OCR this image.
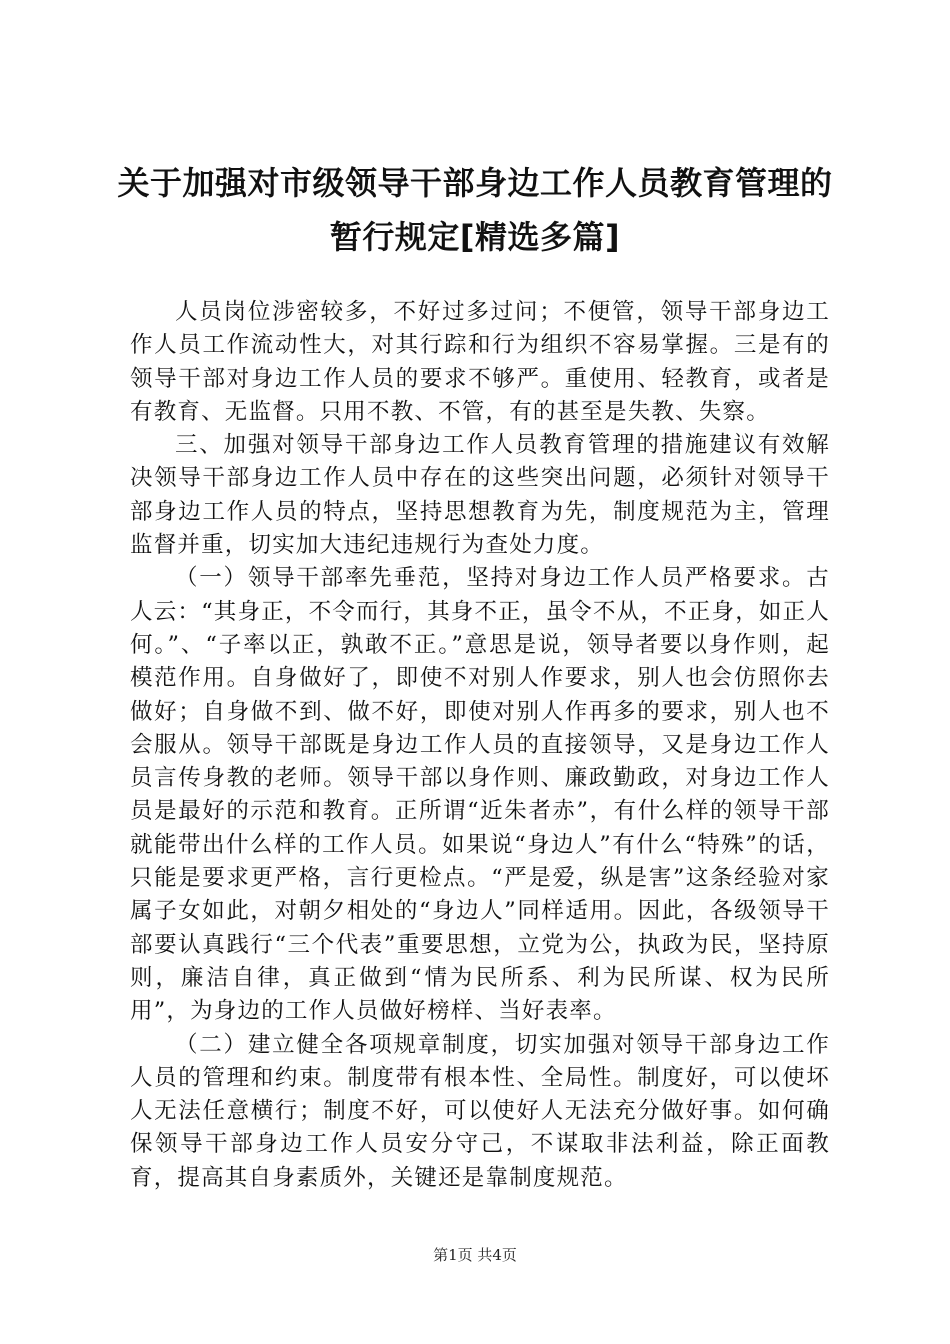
关于加强对市级领导干部身边工作人员教育管理的暂行规定[精选多篇]

人员岗位涉密较多，不好过多过问；不便管，领导干部身边工作人员工作流动性大，对其行踪和行为组织不容易掌握。三是有的领导干部对身边工作人员的要求不够严。重使用、轻教育，或者是有教育、无监督。只用不教、不管，有的甚至是失教、失察。

三、加强对领导干部身边工作人员教育管理的措施建议有效解决领导干部身边工作人员中存在的这些突出问题，必须针对领导干部身边工作人员的特点，坚持思想教育为先，制度规范为主，管理监督并重，切实加大违纪违规行为查处力度。

（一）领导干部率先垂范，坚持对身边工作人员严格要求。古人云：“其身正，不令而行，其身不正，虽令不从，不正身，如正人何。”、“子率以正，孰敢不正。”意思是说，领导者要以身作则，起模范作用。自身做好了，即使不对别人作要求，别人也会仿照你去做好；自身做不到、做不好，即使对别人作再多的要求，别人也不会服从。领导干部既是身边工作人员的直接领导，又是身边工作人员言传身教的老师。领导干部以身作则、廉政勤政，对身边工作人员是最好的示范和教育。正所谓“近朱者赤”，有什么样的领导干部就能带出什么样的工作人员。如果说“身边人”有什么“特殊”的话，只能是要求更严格，言行更检点。“严是爱，纵是害”这条经验对家属子女如此，对朝夕相处的“身边人”同样适用。因此，各级领导干部要认真践行“三个代表”重要思想，立党为公，执政为民，坚持原则，廉洁自律，真正做到“情为民所系、利为民所谋、权为民所用”，为身边的工作人员做好榜样、当好表率。

（二）建立健全各项规章制度，切实加强对领导干部身边工作人员的管理和约束。制度带有根本性、全局性。制度好，可以使坏人无法任意横行；制度不好，可以使好人无法充分做好事。如何确保领导干部身边工作人员安分守己，不谋取非法利益，除正面教育，提高其自身素质外，关键还是靠制度规范。

第1页 共4页
